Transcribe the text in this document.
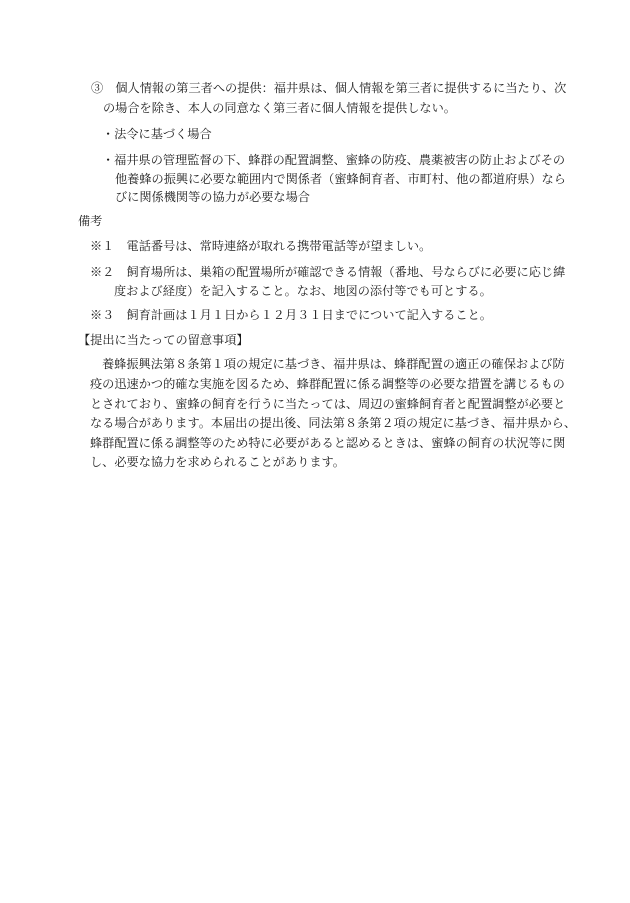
③　個人情報の第三者への提供：福井県は、個人情報を第三者に提供するに当たり、次
の場合を除き、本人の同意なく第三者に個人情報を提供しない。
・法令に基づく場合
・福井県の管理監督の下、蜂群の配置調整、蜜蜂の防疫、農薬被害の防止およびその
他養蜂の振興に必要な範囲内で関係者（蜜蜂飼育者、市町村、他の都道府県）なら
びに関係機関等の協力が必要な場合
備考
※１　電話番号は、常時連絡が取れる携帯電話等が望ましい。
※２　飼育場所は、巣箱の配置場所が確認できる情報（番地、号ならびに必要に応じ緯
度および経度）を記入すること。なお、地図の添付等でも可とする。
※３　飼育計画は１月１日から１２月３１日までについて記入すること。
【提出に当たっての留意事項】
養蜂振興法第８条第１項の規定に基づき、福井県は、蜂群配置の適正の確保および防
疫の迅速かつ的確な実施を図るため、蜂群配置に係る調整等の必要な措置を講じるもの
とされており、蜜蜂の飼育を行うに当たっては、周辺の蜜蜂飼育者と配置調整が必要と
なる場合があります。本届出の提出後、同法第８条第２項の規定に基づき、福井県から、
蜂群配置に係る調整等のため特に必要があると認めるときは、蜜蜂の飼育の状況等に関
し、必要な協力を求められることがあります。
